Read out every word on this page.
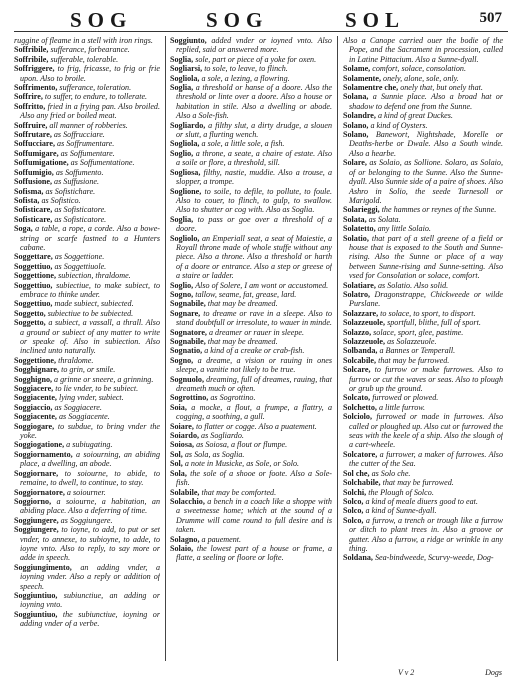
SOG	SOG	SOL	507

ruggine of fleame in a stell with iron rings.

Soffribile, sufferance, forbearance.

Soffribile, sufferable, tolerable.

Soffriggere, to frig, fricasse, to frig or frie upon. Also to broile.

Soffrimento, sufferance, toleration.

Soffrire, to suffer, to endure, to tollerate.

Soffritto, fried in a frying pan. Also broiled. Also any fried or boiled meat.

Soffruire, all manner of robberies.

Soffrutare, as Soffrucciare.

Soffucciare, as Soffrumentare.

Soffumigare, as Soffumentare.

Soffumigatione, as Soffumentatione.

Soffumigio, as Soffumento.

Soffusione, as Suffusione.

Sofisma, as Sofistichare.

Sofista, as Sofistico.

Sofisticare, as Sofisticatore.

Sofisticare, as Sofisticatore.

Soga, a table, a rope, a corde. Also a bowe-string or scarfe fastned to a Hunters cabane.

Soggettare, as Soggettione.

Soggettiuo, as Soggettiuole.

Soggettione, subiection, thraldome.

Soggettiuo, subiectiue, to make subiect, to embrace to thinke under.

Soggettiuo, made subiect, subiected.

Soggetto, subiectiue to be subiected.

Soggetto, a subiect, a vassall, a thrall. Also a ground or subiect of any matter to write or speake of. Also in subiection. Also inclined unto naturally.

Soggettione, thraldome.

Sogghignare, to grin, or smile.

Sogghigno, a grinne or sneere, a grinning.

Soggiacere, to lie vnder, to be subiect.

Soggiacente, lying vnder, subiect.

Soggiaccio, as Soggiacere.

Soggiacente, as Soggiacente.

Soggiogare, to subdue, to bring vnder the yoke.

Soggiogatione, a subiugating.

Soggiornamento, a soiourning, an abiding place, a dwelling, an abode.

Soggiornare, to soiourne, to abide, to remaine, to dwell, to continue, to stay.

Soggiornatore, a soiourner.

Soggiorno, a soiourne, a habitation, an abiding place. Also a deferring of time.

Soggiungere, as Soggiungere.

Soggiungere, to ioyne, to add, to put or set vnder, to annexe, to subioyne, to adde, to ioyne vnto. Also to reply, to say more or adde in speech.

Soggiungimento, an adding vnder, a ioyning vnder. Also a reply or addition of speech.

Soggiuntiuo, subiunctiue, an adding or ioyning vnto.

Soggiuntiuo, the subiunctiue, ioyning or adding vnder of a verbe.

Soggiunto, added vnder or ioyned vnto. Also replied, said or answered more.

Soglia, sole, part or piece of a yoke for oxen.

Sogliarsi, to sole, to leave, to flinch.

Sogliola, a sole, a lezing, a flowring.

Soglia, a threshold or hanse of a doore. Also the threshold or linte over a doore. Also a house or habitation in stile. Also a dwelling or abode. Also a Sole-fish.

Sogliardo, a filthy slut, a dirty drudge, a slouen or slutt, a flurting wench.

Sogliola, a sole, a little sole, a fish.

Soglio, a throne, a seate, a chaire of estate. Also a soile or flore, a threshold, sill.

Sogliosa, filthy, nastie, muddie. Also a trouse, a slopper, a trompe.

Soglione, to soile, to defile, to pollute, to foule. Also to couer, to flinch, to gulp, to swallow. Also to shutter or cog with. Also as Soglia.

Soglia, to pass or goe over a threshold of a doore.

Sogliolo, an Emperiall seat, a seat of Maiestie, a Royall throne made of whole stuffe without any piece. Also a throne. Also a threshold or harth of a doore or entrance. Also a step or greese of a staire or ladder.

Soglio, Also of Solere, I am wont or accustomed.

Sogno, tallow, seame, fat, grease, lard.

Sognabile, that may be dreamed.

Sognare, to dreame or rave in a sleepe. Also to stand doubtfull or irresolute, to wauer in minde.

Sognatore, a dreamer or rauer in sleepe.

Sognabile, that may be dreamed.

Sognatio, a kind of a creake or crab-fish.

Sogno, a dreame, a vision or rauing in ones sleepe, a vanitie not likely to be true.

Sognuolo, dreaming, full of dreames, rauing, that dreameth much or often.

Sogrottino, as Sogrottino.

Soia, a mocke, a flout, a frumpe, a flattry, a cogging, a soothing, a gull.

Soiare, to flatter or cogge. Also a puatement.

Soiardo, as Sogliardo.

Soiosa, as Soiosa, a flout or flumpe.

Sol, as Sola, as Soglia.

Sol, a note in Musicke, as Sole, or Solo.

Sola, the sole of a shooe or foote. Also a Sole-fish.

Solabile, that may be comforted.

Solacchio, a bench in a coach like a shoppe with a sweetnesse home; which at the sound of a Drumme will come round to full desire and is taken.

Solagno, a pauement.

Solaio, the lowest part of a house or frame, a flatte, a seeling or floore or lofte.

Also a Canope carried ouer the bodie of the Pope, and the Sacrament in procession, called in Latine Pittacium. Also a Sunne-dyall.

Solame, comfort, solace, consolation.

Solamente, onely, alone, sole, only.

Solamentre che, onely that, but onely that.

Solana, a Sunnie place. Also a broad hat or shadow to defend one from the Sunne.

Solandre, a kind of great Duckes.

Solano, a kind of Oysters.

Solano, Banewort, Nightshade, Morelle or Deaths-herbe or Dwale. Also a South winde. Also a hearbe.

Solare, as Solaio, as Sollione. Solaro, as Solaio, of or belonging to the Sunne. Also the Sunne-dyall. Also Sunnie side of a paire of shoes. Also Ashro in Solio, the seede Turnesoll or Marigold.

Solarieggi, the hammes or reynes of the Sunne.

Solata, as Solata.

Solatetto, any little Solaio.

Solatio, that part of a stell greene of a field or house that is exposed to the South and Sunne-rising. Also the Sunne or place of a way between Sunne-rising and Sunne-setting. Also vsed for Consolation or solace, comfort.

Solatiare, as Solatio. Also solid.

Solatro, Dragonstrappe, Chickweede or wilde Purslane.

Solazzare, to solace, to sport, to disport.

Solazzeuole, sportfull, blithe, full of sport.

Solazzo, solace, sport, glee, pastime.

Solazzeuole, as Solazzeuole.

Solbanda, a Bannes or Temperall.

Solcabile, that may be furrowed.

Solcare, to furrow or make furrowes. Also to furrow or cut the waves or seas. Also to plough or grub up the ground.

Solcato, furrowed or plowed.

Solchetto, a little furrow.

Solciolo, furrowed or made in furrowes. Also called or ploughed up. Also cut or furrowed the seas with the keele of a ship. Also the slough of a cart-wheele.

Solcatore, a furrower, a maker of furrowes. Also the cutter of the Sea.

Sol che, as Solo che.

Solchabile, that may be furrowed.

Solchi, the Plough of Solco.

Solco, a kind of meale diuers good to eat.

Solco, a kind of Sunne-dyall.

Solco, a furrow, a trench or trough like a furrow or ditch to plant trees in. Also a groove or gutter. Also a furrow, a ridge or wrinkle in any thing.

Soldana, Sea-bindweede, Scurvy-weede, Dog-

V v 2	Dogs
